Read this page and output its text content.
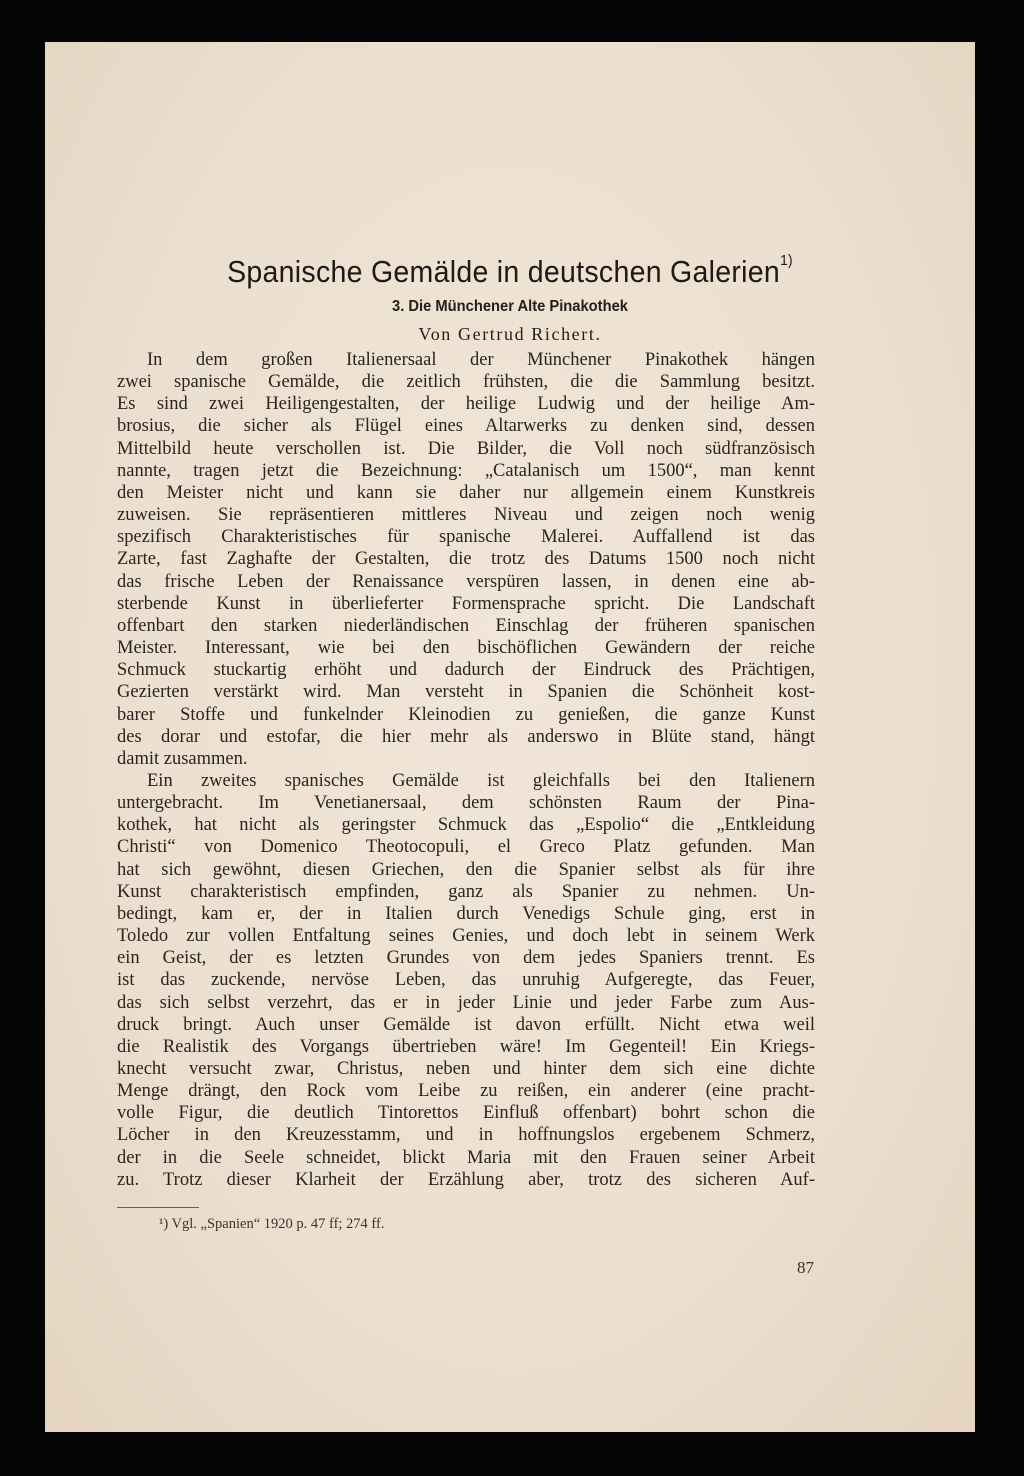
Spanische Gemälde in deutschen Galerien$^{1)}$
3. Die Münchener Alte Pinakothek
Von Gertrud Richert.
In dem großen Italienersaal der Münchener Pinakothek hängen
zwei spanische Gemälde, die zeitlich frühsten, die die Sammlung besitzt.
Es sind zwei Heiligengestalten, der heilige Ludwig und der heilige Am-
brosius, die sicher als Flügel eines Altarwerks zu denken sind, dessen
Mittelbild heute verschollen ist. Die Bilder, die Voll noch südfranzösisch
nannte, tragen jetzt die Bezeichnung: „Catalanisch um 1500“, man kennt
den Meister nicht und kann sie daher nur allgemein einem Kunstkreis
zuweisen. Sie repräsentieren mittleres Niveau und zeigen noch wenig
spezifisch Charakteristisches für spanische Malerei. Auffallend ist das
Zarte, fast Zaghafte der Gestalten, die trotz des Datums 1500 noch nicht
das frische Leben der Renaissance verspüren lassen, in denen eine ab-
sterbende Kunst in überlieferter Formensprache spricht. Die Landschaft
offenbart den starken niederländischen Einschlag der früheren spanischen
Meister. Interessant, wie bei den bischöflichen Gewändern der reiche
Schmuck stuckartig erhöht und dadurch der Eindruck des Prächtigen,
Gezierten verstärkt wird. Man versteht in Spanien die Schönheit kost-
barer Stoffe und funkelnder Kleinodien zu genießen, die ganze Kunst
des dorar und estofar, die hier mehr als anderswo in Blüte stand, hängt
damit zusammen.
Ein zweites spanisches Gemälde ist gleichfalls bei den Italienern
untergebracht. Im Venetianersaal, dem schönsten Raum der Pina-
kothek, hat nicht als geringster Schmuck das „Espolio“ die „Entkleidung
Christi“ von Domenico Theotocopuli, el Greco Platz gefunden. Man
hat sich gewöhnt, diesen Griechen, den die Spanier selbst als für ihre
Kunst charakteristisch empfinden, ganz als Spanier zu nehmen. Un-
bedingt, kam er, der in Italien durch Venedigs Schule ging, erst in
Toledo zur vollen Entfaltung seines Genies, und doch lebt in seinem Werk
ein Geist, der es letzten Grundes von dem jedes Spaniers trennt. Es
ist das zuckende, nervöse Leben, das unruhig Aufgeregte, das Feuer,
das sich selbst verzehrt, das er in jeder Linie und jeder Farbe zum Aus-
druck bringt. Auch unser Gemälde ist davon erfüllt. Nicht etwa weil
die Realistik des Vorgangs übertrieben wäre! Im Gegenteil! Ein Kriegs-
knecht versucht zwar, Christus, neben und hinter dem sich eine dichte
Menge drängt, den Rock vom Leibe zu reißen, ein anderer (eine pracht-
volle Figur, die deutlich Tintorettos Einfluß offenbart) bohrt schon die
Löcher in den Kreuzesstamm, und in hoffnungslos ergebenem Schmerz,
der in die Seele schneidet, blickt Maria mit den Frauen seiner Arbeit
zu. Trotz dieser Klarheit der Erzählung aber, trotz des sicheren Auf-
¹) Vgl. „Spanien“ 1920 p. 47 ff; 274 ff.
87
